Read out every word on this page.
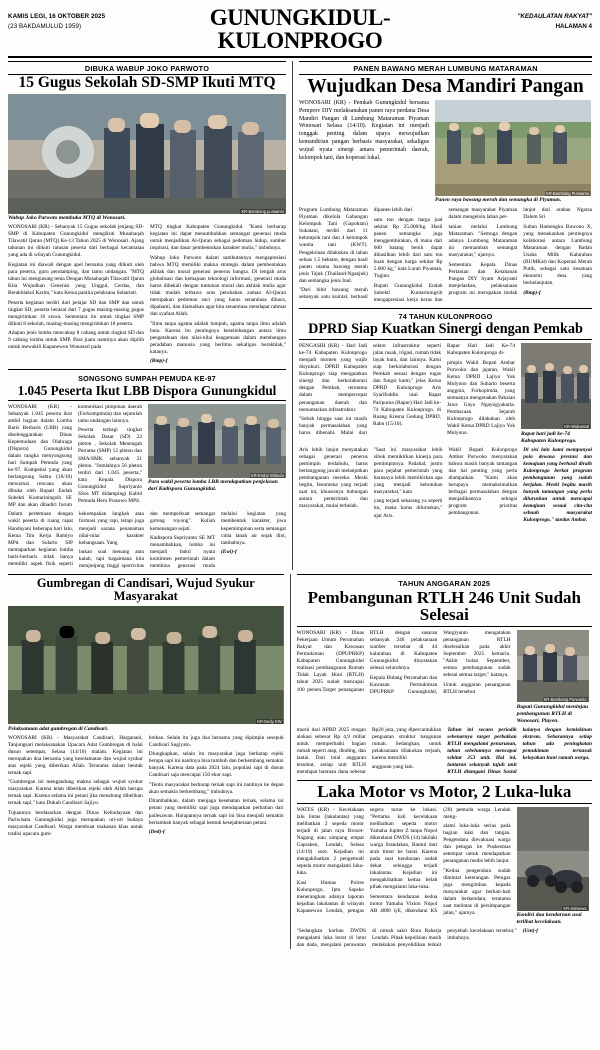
KAMIS LEGI, 16 OKTOBER 2025
(23 BAKDAMULUD 1959)	GUNUNGKIDUL-KULONPROGO
"KEDAULATAN RAKYAT"
HALAMAN 4
DIBUKA WABUP JOKO PARWOTO
15 Gugus Sekolah SD-SMP Ikuti MTQ
KR-Bambang purwanto
Wabup Joko Parwoto membuka MTQ di Wonosari.

WONOSARI (KR) - Sebanyak 15 Gugus sekolah jenjang SD-SMP di Kabupaten Gunungkidul mengikuti Musabaqah Tilawatil Quran (MTQ) Ke-13 Tahun 2025 di Wonosari. Ajang tahunan ini diikuti ratusan peserta dari berbagai kecamatan yang ada di wilayah Gunungkidul.

Kegiatan ini diawali dengan apel bersama yang diikuti oleh para peserta, guru pendamping, dan tamu undangan. "MTQ tahun ini mengusung tema Dengan Musabaqah Tilawatil Quran Kita Wujudkan Generasi yang Unggul, Cerdas, dan Berakhlakul Karim," kata Ketua panitia pelaksana Suhartati.

Peserta kegiatan terdiri dari pelajar SD dan SMP dan untuk tingkat SD, peserta berasal dari 7 gugus masing-masing gugus mengirimkan 16 siswa. Sementara itu untuk tingkat SMP diikuti 8 sekolah, masing-masing mengirimkan 18 peserta.

Adapun jenis lomba mencakup 8 cabang untuk tingkat SD dan 9 cabang lomba untuk SMP. Para juara nantinya akan dipilih untuk mewakili Kapanewon Wonosari pada

MTQ tingkat Kabupaten Gunungkidul. "Kami berharap kegiatan ini dapat menumbuhkan semangat generasi muda untuk menjadikan Al-Quran sebagai pedoman hidup, sumber inspirasi, dan dasar pembentukan karakter mulia," imbuhnya.

Wabup Joko Parwoto dalam sambutannya mengapresiasi bahwa MTQ memiliki makna strategis dalam pembentukan akhlak dan moral generasi penerus bangsa. Di tengah arus globalisasi dan kemajuan teknologi informasi, generasi muda harus dibekali dengan tuntunan moral dan akhlak mulia agar tidak mudah terbawa arus perubahan zaman Al-Quran merupakan pedoman suci yang harus senantiasa dibaca, dipahami, dan diamalkan agar kita senantiasa mendapat rahmat dan syafaat Allah.

"Ilmu tanpa agama adalah lumpuh, agama tanpa ilmu adalah buta. Karena itu pentingnya keseimbangan antara ilmu pengetahuan dan nilai-nilai keagamaan dalam membangun peradaban manusia yang berilmu sekaligus berakhlak," katanya.

(Bmp)-f

SONGSONG SUMPAH PEMUDA KE-97
1.045 Peserta Ikut LBB Dispora Gunungkidul

WONOSARI (KR) - Sebanyak 1.045 peserta ikut ambil bagian dalam Lomba Baris Berbaris (LBB) yang diselenggarakan Dinas Kepemudaan dan Olahraga (Dispora) Gunungkidul dalam rangka menyongsong hari Sumpah Pemuda yang ke-97. Kompetisi yang akan berlangsung Sabtu (18/10) mewarnai rencana akan dibuka oleh Bupati Endah Subekti Kuntariningsih SE MP dan akan dihadiri forum komunikasi pimpinan daerah (Forkompimda) dan sejumlah tamu undangan lainnya.

Peserta terbagi tingkat Sekolah Dasar (SD) 22 pleton , Sekolah Menengah Pertama (SMP) 12 pleton dan SMA/SMK sebanyak 21 pleton. "Jumlahnya 56 pleton terdiri dari 1.045 peserta," kata Kepala Dispora Gunungkidul Supriyanto SSos MT didampingi Kabid Pemuda Heru Prasowo MPd.

KR-Endar Widodo
Para wakil peserta lomba LBB mendapatkan penjelasan dari Kadispora Gunungkidul.

Dalam pertemuan dengan wakil peserta di ruang rapat Handayani beberapa hari lalu, Ketua Tim Kerja Ramiyo MPd dan Sularto SIP memaparkan kegiatan lomba baris-berbaris tidak hanya memiliki aspek fisik seperti kekompakan langkah atau formasi yang rapi, tetapi juga menjadi sarana penanaman nilai-nilai karakter kebangsaan. Yang

bukan soal menang atau kalah, tapi bagaimana kita menjunjung tinggi sportivitas dan memperkuat semangat gotong royong". Kuliah kemenangan sejati.

Kadispora Supriyanto SE MT menambahkan, lomba ini menjadi bukti nyata komitmen pemerintah dalam membina generasi muda melalui kegiatan yang membentuk karakter, jiwa kepemimpinan serta semangat cinta tanah air sejak dini, tambahnya.

(Ewi)-f

PANEN BAWANG MERAH LUMBUNG MATARAMAN
Wujudkan Desa Mandiri Pangan

WONOSARI (KR) - Pemkab Gunungkidul bersama Pemprov DIY melaksanakan panen raya perdana Desa Mandiri Pangan di Lumbung Mataraman Piyaman Wonosari Selasa (14/10). Kegiatan ini menjadi tonggak penting dalam upaya mewujudkan kemandirian pangan berbasis masyarakat, sekaligus wujud nyata sinergi antara pemerintah daerah, kelompok tani, dan koperasi lokal.

KR-Bambang Purwanto
Panen raya bawang merah dan semangka di Piyaman.

Program Lumbung Mataraman Piyaman dikelola Gabungan Kelompok Tani (Gapoktan) Sukatani, terdiri dari 11 kelompok tani dan 4 kelompok wanita tani (KWT). Pengelolaan dilakukan di lahan seluas 1,5 hektare, dengan hasil panen utama bawang merah jenis Tajuk (Thailand-Nganjuk) dan semangka jenis Inul.

"Dari bibit bawang merah sebanyak satu kuintal, berhasil dipanen lebih dari

satu ton dengan harga jual sekitar Rp 25.000/kg. Hasil panen semangka juga menggembirakan, di mana dari 600 batang benih dapat dihasilkan lebih dari satu ton buah dengan harga sekitar Rp 5.000 kg," kata Lurah Piyaman, Tugino.

Bupati Gunungkidul Endah Subekti Kuntariningsih mengapresiasi kerja keras dan semangat masyarakat Piyaman dalam mengelola lahan per-

tanian melalui Lumbung Mataraman. "Semoga dengan adanya Lumbung Mataraman ini memambah semangat masyarakat," ujarnya.

Sementara Kepala Dinas Pertanian dan Ketahanan Pangan DIY Syam Arjayanti menjelaskan, pelaksanaan program ini merupakan tindak lanjut dari arahan Ngarsa Dalem Sri

Sultan Hamengku Buwono X, yang menekankan pentingnya kolaborasi antara Lumbung Mataraman dengan Badan Usaha Milik Kalurahan (BUMKal) dan Koperasi Merah Putih, sebagai satu kesatuan ekonomi desa yang berkelanjutan.

(Bmp)-f

74 TAHUN KULONPROGO
DPRD Siap Kuatkan Sinergi dengan Pemkab

PENGASIH (KR) - Hari Jadi ke-74 Kabupaten Kulonprogo menjadi momen yang wajib disyukuri. DPRD Kabupaten Kulonprogo siap menguatkan sinergi dan berkolaborasi dengan Pemkab, terutama dalam mempercepat penanganan daerah dan menuntaskan infrastruktur.

"Sebab hingga saat ini masih banyak permasalahan yang harus dibenahi. Mulai dari sektor infrastruktur seperti jalan rusak, irigasi, rumah tidak layak huni, dan lainnya. Kami siap berkolaborasi dengan Pemkab sesuai dengan tugas dan fungsi kami," jelas Ketua DPRD Kulonprogo Aris Syarifuddin usai Rapat Paripurna (Rapur) Hari Jadi ke-74 Kabupaten Kulonprogo, di Ruang Kresna Gedung DPRD, Rabu (15/10).

Rapur Hari Jadi Ke-74 Kabupaten Kulonprogo di-

pimpin Wakil Bupati Ambar Purwoko dan jajaran, Wakil Ketua DPRD Lajiyo Yok Mulyono dan Suharto beserta anggota, Forkopimda, yang semuanya mengenakan Pakaian Jawa Gaya Ngayogyakarta. Pembacaan Sejarah Kulonprogo dilakukan oleh Wakil Ketua DPRD Lajiyo Yok Mulyono.

KR-Widiastuti
Rapat hari jadi ke-74 Kabupaten Kulonprogo.

Aris lebih lanjut menyatakan sebagai generasi penerus pemimpin terdahulu, harus bertanggung jawab melanjutkan pembangunan mereka. Meski begitu, fenomena yang terjadi saat ini, khususnya hubungan antara pemerintah dan masyarakat, mulai terbelah.

"Saat ini masyarakat lebih sibuk memikirkan kinerja para pemimpinnya. Padahal, justru para pejabat pemerintah yang harusnya lebih memikirkan apa yang menjadi kebutuhan masyarakat," kata

yang terjadi sekarang ya seperti itu, maka harus diluruskan," ujar Aris.

Wakil Bupati Kulonprogo Ambar Purwoko menyatakan bahwa masih banyak tantangan dan hal penting yang perlu diampaikan. "Kami akan berupaya memaksimalkan berbagai permasalahan dengan menjadikannya sebagai program prioritas pembangunan.

Di sisi lain kami mempunyai pola dewasa prestasi dan kemajuan yang berhasil diraih Kulonprogo berkat program pembangunan yang sudah berjalan. Meski begitu masih banyak tantangan yang perlu diluruskan untuk mencapai kemajuan sesuai cita-cita sebuah masyarakat Kulonprogo," tandas Ambar.

Gumbregan di Candisari, Wujud Syukur Masyarakat
KR-Dedy EW
Pelaksanaan adat gumbregan di Candisari.

WONOSARI (KR) - Masyarakat Candisari, Harganani, Tanjungsari melaksanakan Upacara Adat Gumbregan di balai dusun setempat, Selasa (14/10) malam. Kegiatan ini merupakan doa bersama yang keselamatan dan wujud syukur atas rejeki yang diberikan Allah. Terutama dalam bentuk ternak sapi.

"Gumbregan ini mengandung makna sebagai wujud syukur masyarakat. Karena telah diberikan rejeki oleh Allah berupa ternak sapi. Karena selama ini petani jika menabung dibelikan ternak sapi," kata Dukuh Candisari Sajiyo.

Tujuannya berdasarkan dengan Dinas Kebudayaan dan Pariwisata Gunungkidul juga merupakan uri-uri budaya masyarakat Candisari. Warga membuat makanan khas untuk tradisi upacara gum-

brekan. Selain itu juga doa bersama yang dipimpin sesepuh Candisari Sugiyato.

Diungkapkan, selain itu masyarakat juga berharap rejeki berupa sapi ini nantinya bisa tumbuh dan berkembang semakin banyak. Karena data pada 2024 lalu, populasi sapi di dusun Candisari saja mencapai 150 ekor sapi.

"Tentu masyarakat berharap ternak sapi ini nantinya ke depan akan semakin berkembang," imbuhnya.

Ditambahkan, dalam menjaga kesehatan ternak, selama ini petani yang memiliki sapi juga mendapatkan perhatian dari pailesawan. Harapannya ternak sapi ini bisa menjadi semakin bertambah banyak sebagai bentuk kesejahteraan petani.

(Ded)-f

TAHUN ANGGARAN 2025
Pembangunan RTLH 246 Unit Sudah Selesai

WONOSARI (KR) - Dinas Pekerjaan Umum Perumahan Rakyat dan Kawasan Permukiman (DPUPRKP) Kabupaten Gunungkidul realisasi pembangunan Rumah Tidak Layak Huni (RTLH) tahun 2025 sudah mencapai 100 persen.Target penanganan RTLH dengan sasaran sebanyak 246 pelaksanaan sumber tersebar di 44 kalurahan di Kabupaten Gunungkidul dinyatakan selesai seluruhnya.

Kepala Bidang Perumahan dan Kawasan Permukiman DPUPRKP Gunungkidul, Wargiyanto mengatakan penanganan RTLH diselesaikan pada akhir September 2025 kemarin. "Akhir bulan September, semua pembangunan sudah selesai semua target," katanya.

Untuk anggaran penanganan RTLH tersebut

KR-Bambang Purwanto
Bupati Gunungkidul meninjau pembangunan RTLH di Wonosari, Playen.

murni dari APBD 2025 rengan alokasi sebesar Rp 4,9 miliar untuk memperbaiki bagian rumah seperti atap, dinding, dan lantai. Dari total anggaran tersebut, setiap unit RTLH mendapat bantuan dana sebesar Rp20 juta, yang dipercantukkan penguatan struktur bangunan rumah. Sedangkan, untuk pelaksanaan dilakukan terjauh, karena memiliki

anggaran yang lain.

Tahun ini secara periodik sebenarnya target perbaikan RTLH mengalami penurunan, tahun sebelumnya mencapai sekitar 253 unit. Hal ini, lantaran sekanyak tujuh unit RTLH ditangani Dinas Sosial kalanya dengan kemiskinan ekstrem. Sebarannya setiap tahun ada peningkatan pemukiman ternasuk kelayakan huni rumah warga.

Laka Motor vs Motor, 2 Luka-luka

WATES (KR) - Kecelakaan lalu lintas (lakalantas) yang melibatkan 2 sepeda motor terjadi di jalan raya Brosot-Nagung atau simpang empat Gapraken, Lendah, Selasa (14/10) sore. Kejadian ini mengakibatkan 2 pengemudi sepeda motor mengalami luka-luka.

Kasi Humas Polres Kulonprogo, Iptu Sapsko menerangkan adanya laporan kejadian lakalantas di wilayah Kapanewon Lendah, petugas segera turun ke lokasi. "Pertama kali kecelakaan melibatkan sepeda motor Yamaha Jupiter Z tanpa Nopol dikendarai DWDS (14) lakilaki warga Srandakan, Bantul dari arah timur ke barat. Karena pada saat kendaraan sudah dekat sehingga terjadi lakalantas. Kejadian ini mengakibatkan kedua belah pihak mengalami luka-luka.

Sementara kendaraan kedua motor Yamaha Vixion Nopol AB 4880 iyE, dikendarai KS (20) pemuda warga Lendah meng-

alami luka-luka serius pada bagian kaki dan tangan. Pengendara dievakuasi warga dan petugas ke Puskesmas setempat untuk mendapatkan penanganan medis lebih lanjut.

"Kedua pengendara sudah dimintai keterangan. Petugas juga mengimbau kepada masyarakat agar berhati-hati dalam berkendara, terutama saat melintas di persimpangan jalan," ujarnya.

KR-Istimewa
Kondisi dua kendaraan usai terlibat kecelakaan.

"Sedangkan korban DWDS mengalami luka berat di lutut dan dada, menjalani perawatan di rumah sakit Rura Raharja Lendah. Pihak kepolisian masih melakukan penyelidikan terkait penyebab kecelakaan tersebut," imbuhnya.

(Unt)-f
